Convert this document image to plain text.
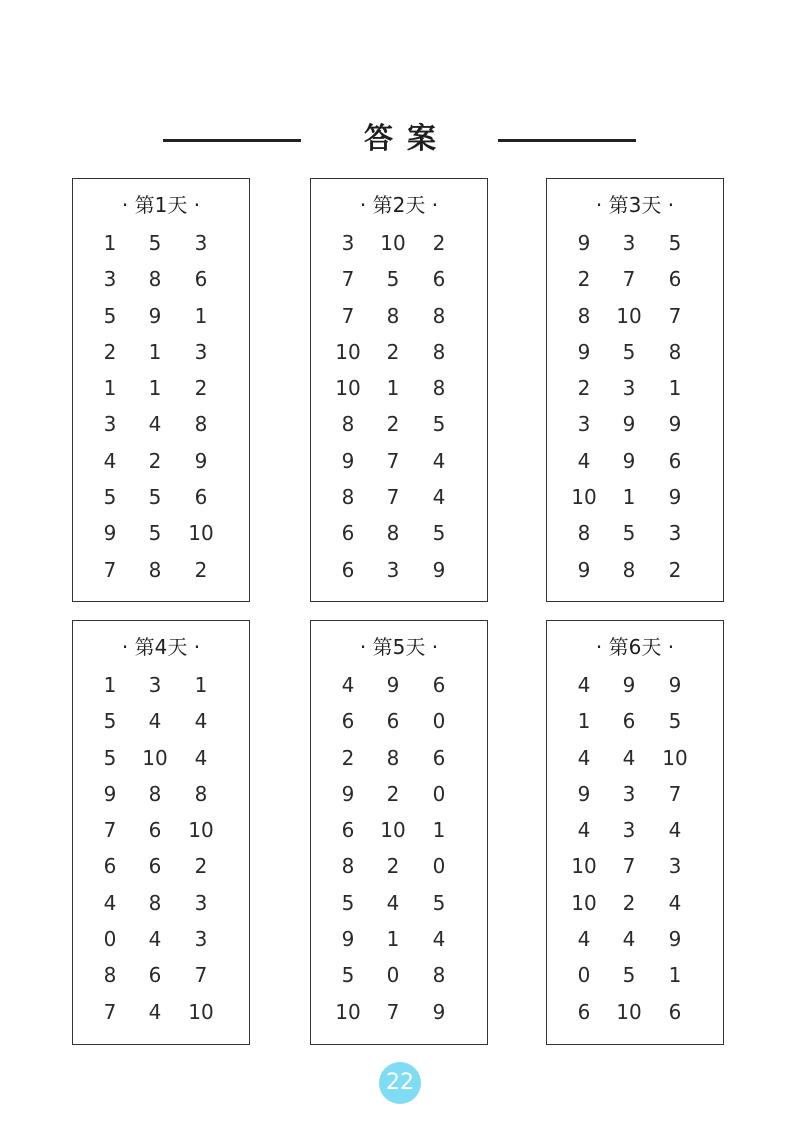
答案
· 第1天 ·
1	5	3
3	8	6
5	9	1
2	1	3
1	1	2
3	4	8
4	2	9
5	5	6
9	5	10
7	8	2
· 第2天 ·
3	10	2
7	5	6
7	8	8
10	2	8
10	1	8
8	2	5
9	7	4
8	7	4
6	8	5
6	3	9
· 第3天 ·
9	3	5
2	7	6
8	10	7
9	5	8
2	3	1
3	9	9
4	9	6
10	1	9
8	5	3
9	8	2
· 第4天 ·
1	3	1
5	4	4
5	10	4
9	8	8
7	6	10
6	6	2
4	8	3
0	4	3
8	6	7
7	4	10
· 第5天 ·
4	9	6
6	6	0
2	8	6
9	2	0
6	10	1
8	2	0
5	4	5
9	1	4
5	0	8
10	7	9
· 第6天 ·
4	9	9
1	6	5
4	4	10
9	3	7
4	3	4
10	7	3
10	2	4
4	4	9
0	5	1
6	10	6
22
